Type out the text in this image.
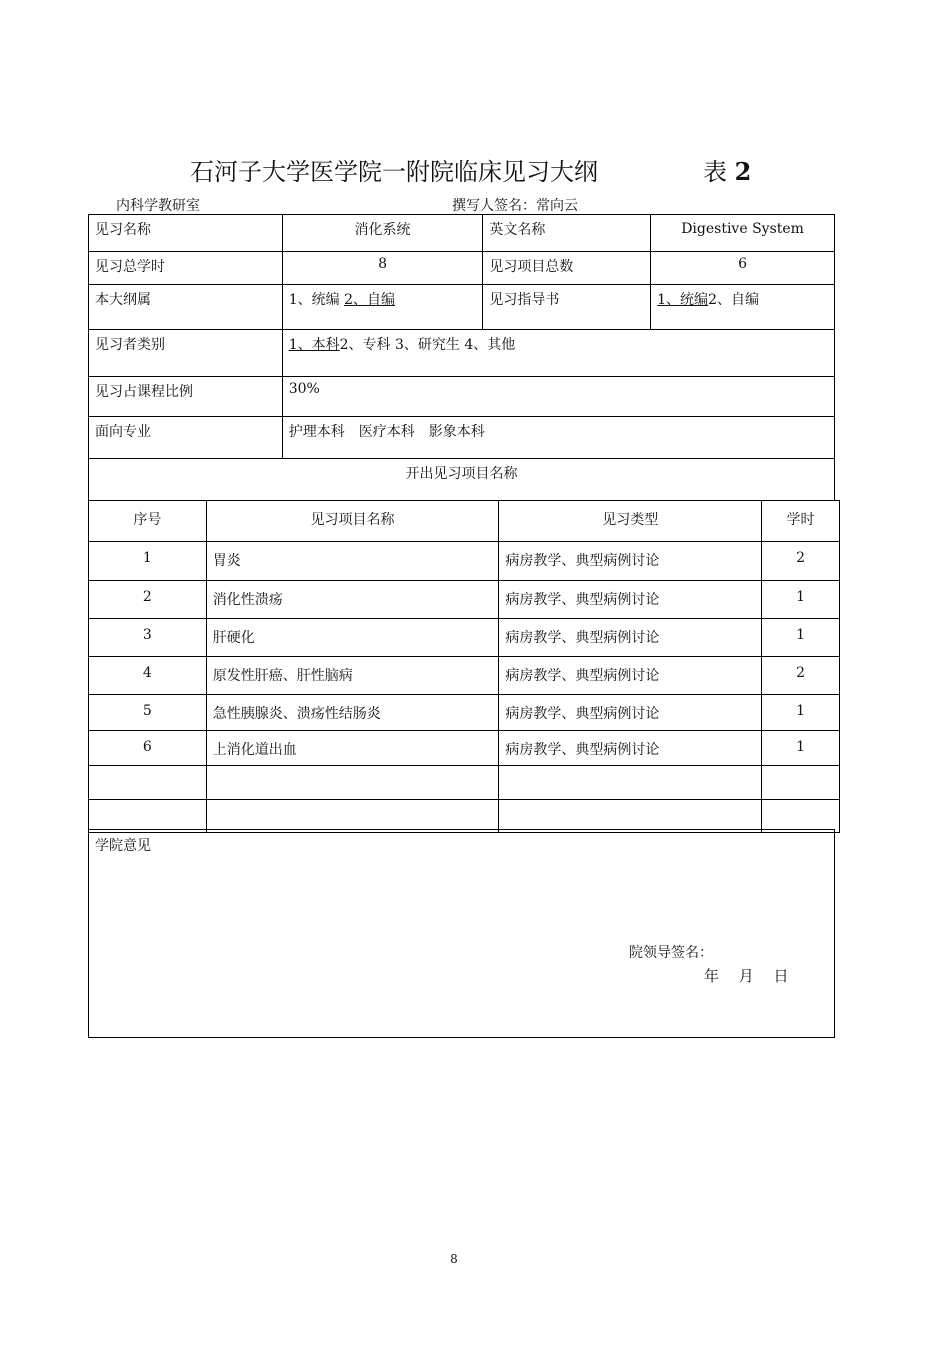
石河子大学医学院一附院临床见习大纲	表 2
内科学教研室	撰写人签名：常向云
见习名称	消化系统	英文名称	Digestive System
见习总学时	8	见习项目总数	6
本大纲属	1、统编 2、自编	见习指导书	1、统编2、自编
见习者类别	1、本科2、专科 3、研究生 4、其他		
见习占课程比例	30%		
面向专业	护理本科　医疗本科　影象本科		
开出见习项目名称			
序号	见习项目名称	见习类型	学时
1	胃炎	病房教学、典型病例讨论	2
2	消化性溃疡	病房教学、典型病例讨论	1
3	肝硬化	病房教学、典型病例讨论	1
4	原发性肝癌、肝性脑病	病房教学、典型病例讨论	2
5	急性胰腺炎、溃疡性结肠炎	病房教学、典型病例讨论	1
6	上消化道出血	病房教学、典型病例讨论	1

学院意见
院领导签名：
年　 月　 日
8
